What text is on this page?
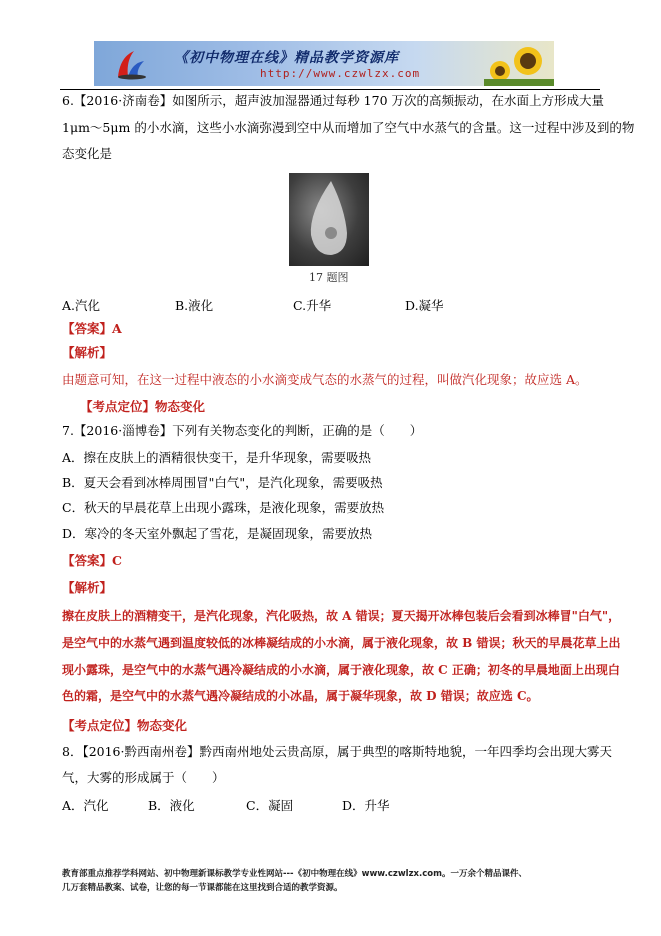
《初中物理在线》精品教学资源库
http://www.czwlzx.com
6.【2016·济南卷】如图所示，超声波加湿器通过每秒 170 万次的高频振动，在水面上方形成大量
1μm～5μm 的小水滴，这些小水滴弥漫到空中从而增加了空气中水蒸气的含量。这一过程中涉及到的物
态变化是
17 题图
A.汽化	B.液化	C.升华	D.凝华
【答案】A
【解析】
由题意可知，在这一过程中液态的小水滴变成气态的水蒸气的过程，叫做汽化现象；故应选 A。
【考点定位】物态变化
7.【2016·淄博卷】下列有关物态变化的判断，正确的是（　　）
A．擦在皮肤上的酒精很快变干，是升华现象，需要吸热
B．夏天会看到冰棒周围冒"白气"，是汽化现象，需要吸热
C．秋天的早晨花草上出现小露珠，是液化现象，需要放热
D．寒冷的冬天室外飘起了雪花，是凝固现象，需要放热
【答案】C
【解析】
擦在皮肤上的酒精变干，是汽化现象，汽化吸热，故 A 错误；夏天揭开冰棒包装后会看到冰棒冒"白气"，
是空气中的水蒸气遇到温度较低的冰棒凝结成的小水滴，属于液化现象，故 B 错误；秋天的早晨花草上出
现小露珠，是空气中的水蒸气遇冷凝结成的小水滴，属于液化现象，故 C 正确；初冬的早晨地面上出现白
色的霜，是空气中的水蒸气遇冷凝结成的小冰晶，属于凝华现象，故 D 错误；故应选 C。
【考点定位】物态变化
8．【2016·黔西南州卷】黔西南州地处云贵高原，属于典型的喀斯特地貌，一年四季均会出现大雾天
气，大雾的形成属于（　　）
A．汽化	B．液化	C．凝固	D．升华
教育部重点推荐学科网站、初中物理新课标教学专业性网站---《初中物理在线》www.czwlzx.com。一万余个精品课件、
几万套精品教案、试卷，让您的每一节课都能在这里找到合适的教学资源。
